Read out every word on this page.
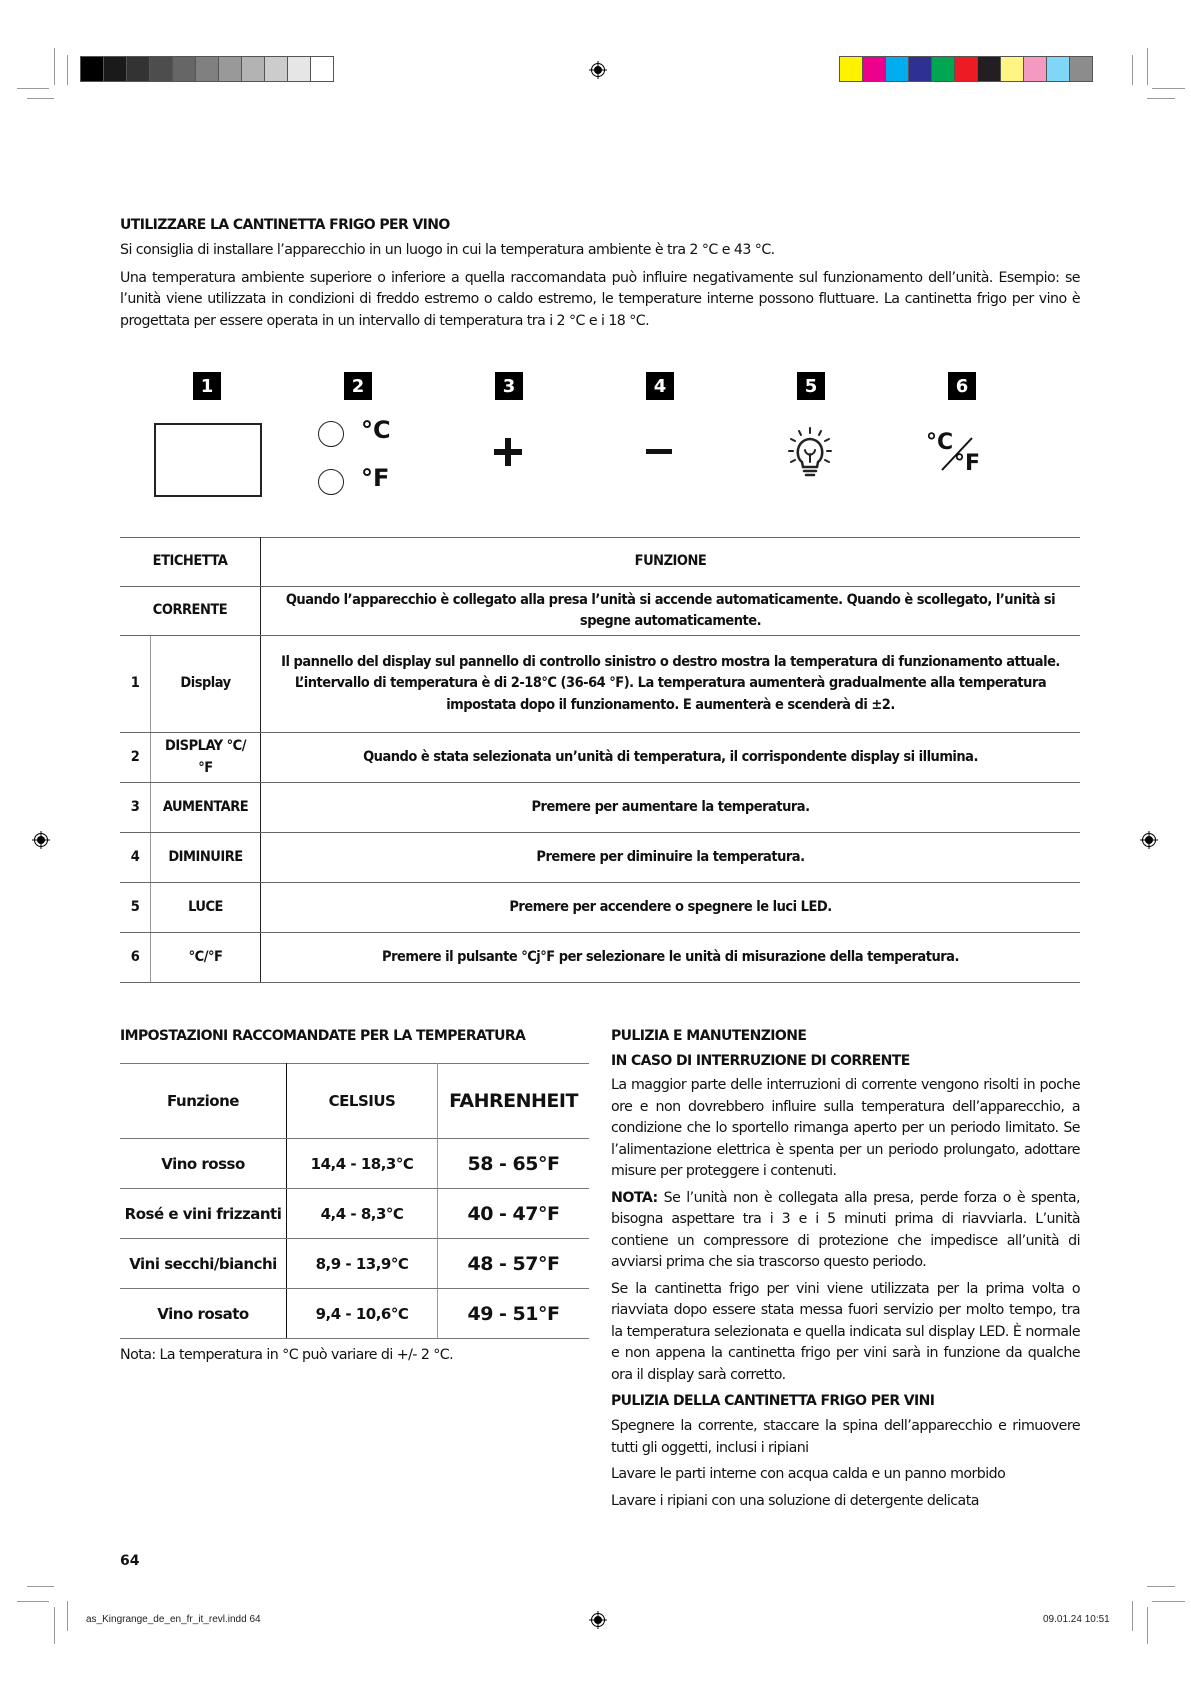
UTILIZZARE LA CANTINETTA FRIGO PER VINO

Si consiglia di installare l’apparecchio in un luogo in cui la temperatura ambiente è tra 2 °C e 43 °C.

Una temperatura ambiente superiore o inferiore a quella raccomandata può influire negativamente sul funzionamento dell’unità. Esempio: se l’unità viene utilizzata in condizioni di freddo estremo o caldo estremo, le temperature interne possono fluttuare. La cantinetta frigo per vino è progettata per essere operata in un intervallo di temperatura tra i 2 °C e i 18 °C.

1	2	3	4	5	6
°C
°F
°C
°F
ETICHETTA		FUNZIONE
CORRENTE		Quando l’apparecchio è collegato alla presa l’unità si accende automaticamente. Quando è scollegato, l’unità si spegne automaticamente.
1	Display	Il pannello del display sul pannello di controllo sinistro o destro mostra la temperatura di funzionamento attuale. L’intervallo di temperatura è di 2-18°C (36-64 °F). La temperatura aumenterà gradualmente alla temperatura impostata dopo il funzionamento. E aumenterà e scenderà di ±2.
2	DISPLAY °C/°F	Quando è stata selezionata un’unità di temperatura, il corrispondente display si illumina.
3	AUMENTARE	Premere per aumentare la temperatura.
4	DIMINUIRE	Premere per diminuire la temperatura.
5	LUCE	Premere per accendere o spegnere le luci LED.
6	°C/°F	Premere il pulsante °Cj°F per selezionare le unità di misurazione della temperatura.
IMPOSTAZIONI RACCOMANDATE PER LA TEMPERATURA
Funzione	CELSIUS	FAHRENHEIT
Vino rosso	14,4 - 18,3°C	58 - 65°F
Rosé e vini frizzanti	4,4 - 8,3°C	40 - 47°F
Vini secchi/bianchi	8,9 - 13,9°C	48 - 57°F
Vino rosato	9,4 - 10,6°C	49 - 51°F

Nota: La temperatura in °C può variare di +/- 2 °C.

PULIZIA E MANUTENZIONE
IN CASO DI INTERRUZIONE DI CORRENTE

La maggior parte delle interruzioni di corrente vengono risolti in poche ore e non dovrebbero influire sulla temperatura dell’apparecchio, a condizione che lo sportello rimanga aperto per un periodo limitato. Se l’alimentazione elettrica è spenta per un periodo prolungato, adottare misure per proteggere i contenuti.

NOTA: Se l’unità non è collegata alla presa, perde forza o è spenta, bisogna aspettare tra i 3 e i 5 minuti prima di riavviarla. L’unità contiene un compressore di protezione che impedisce all’unità di avviarsi prima che sia trascorso questo periodo.

Se la cantinetta frigo per vini viene utilizzata per la prima volta o riavviata dopo essere stata messa fuori servizio per molto tempo, tra la temperatura selezionata e quella indicata sul display LED. È normale e non appena la cantinetta frigo per vini sarà in funzione da qualche ora il display sarà corretto.

PULIZIA DELLA CANTINETTA FRIGO PER VINI

Spegnere la corrente, staccare la spina dell’apparecchio e rimuovere tutti gli oggetti, inclusi i ripiani

Lavare le parti interne con acqua calda e un panno morbido

Lavare i ripiani con una soluzione di detergente delicata

64
as_Kingrange_de_en_fr_it_revl.indd 64	09.01.24 10:51
